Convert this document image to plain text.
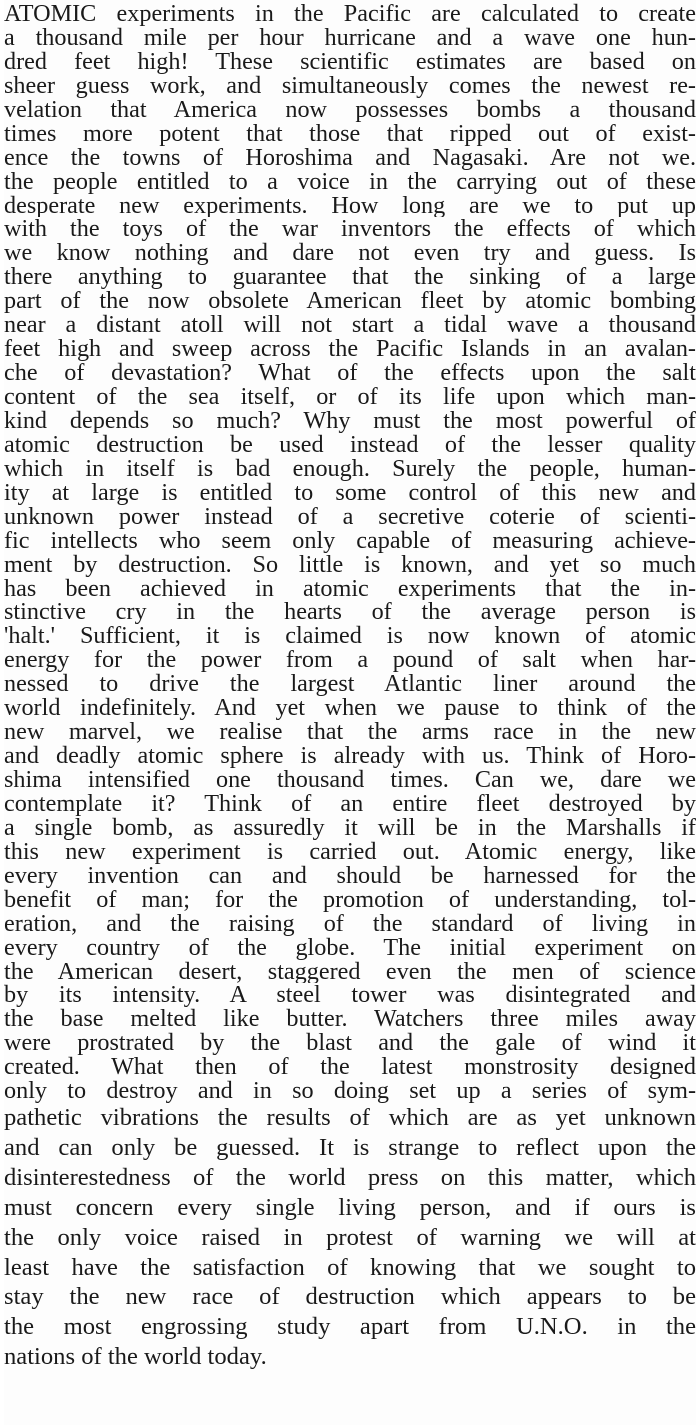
ATOMIC experiments in the Pacific are calculated to create
a thousand mile per hour hurricane and a wave one hun-
dred feet high! These scientific estimates are based on
sheer guess work, and simultaneously comes the newest re-
velation that America now possesses bombs a thousand
times more potent that those that ripped out of exist-
ence the towns of Horoshima and Nagasaki. Are not we.
the people entitled to a voice in the carrying out of these
desperate new experiments. How long are we to put up
with the toys of the war inventors the effects of which
we know nothing and dare not even try and guess. Is
there anything to guarantee that the sinking of a large
part of the now obsolete American fleet by atomic bombing
near a distant atoll will not start a tidal wave a thousand
feet high and sweep across the Pacific Islands in an avalan-
che of devastation? What of the effects upon the salt
content of the sea itself, or of its life upon which man-
kind depends so much? Why must the most powerful of
atomic destruction be used instead of the lesser quality
which in itself is bad enough. Surely the people, human-
ity at large is entitled to some control of this new and
unknown power instead of a secretive coterie of scienti-
fic intellects who seem only capable of measuring achieve-
ment by destruction. So little is known, and yet so much
has been achieved in atomic experiments that the in-
stinctive cry in the hearts of the average person is
'halt.' Sufficient, it is claimed is now known of atomic
energy for the power from a pound of salt when har-
nessed to drive the largest Atlantic liner around the
world indefinitely. And yet when we pause to think of the
new marvel, we realise that the arms race in the new
and deadly atomic sphere is already with us. Think of Horo-
shima intensified one thousand times. Can we, dare we
contemplate it? Think of an entire fleet destroyed by
a single bomb, as assuredly it will be in the Marshalls if
this new experiment is carried out. Atomic energy, like
every invention can and should be harnessed for the
benefit of man; for the promotion of understanding, tol-
eration, and the raising of the standard of living in
every country of the globe. The initial experiment on
the American desert, staggered even the men of science
by its intensity. A steel tower was disintegrated and
the base melted like butter. Watchers three miles away
were prostrated by the blast and the gale of wind it
created. What then of the latest monstrosity designed
only to destroy and in so doing set up a series of sym-
pathetic vibrations the results of which are as yet unknown
and can only be guessed. It is strange to reflect upon the
disinterestedness of the world press on this matter, which
must concern every single living person, and if ours is
the only voice raised in protest of warning we will at
least have the satisfaction of knowing that we sought to
stay the new race of destruction which appears to be
the most engrossing study apart from U.N.O. in the
nations of the world today.
